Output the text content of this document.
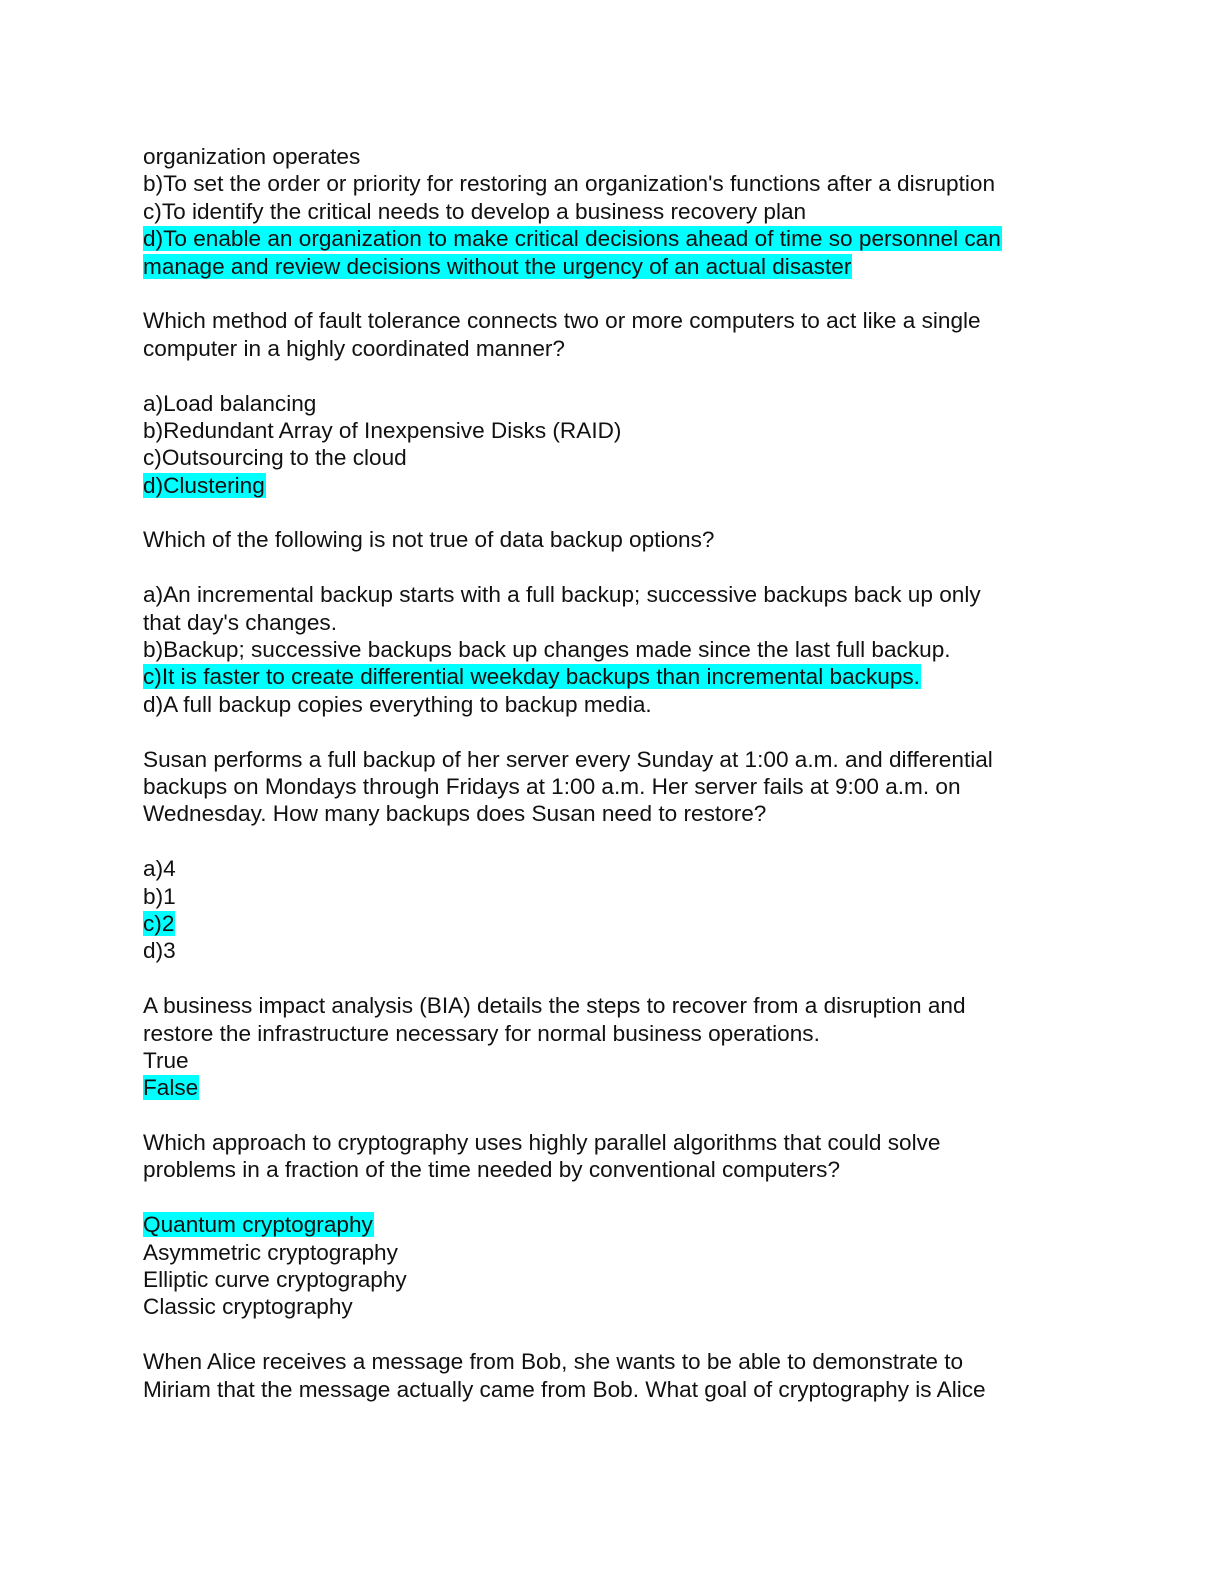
organization operates
b)To set the order or priority for restoring an organization's functions after a disruption
c)To identify the critical needs to develop a business recovery plan
d)To enable an organization to make critical decisions ahead of time so personnel can
manage and review decisions without the urgency of an actual disaster
Which method of fault tolerance connects two or more computers to act like a single
computer in a highly coordinated manner?
a)Load balancing
b)Redundant Array of Inexpensive Disks (RAID)
c)Outsourcing to the cloud
d)Clustering
Which of the following is not true of data backup options?
a)An incremental backup starts with a full backup; successive backups back up only
that day's changes.
b)Backup; successive backups back up changes made since the last full backup.
c)It is faster to create differential weekday backups than incremental backups.
d)A full backup copies everything to backup media.
Susan performs a full backup of her server every Sunday at 1:00 a.m. and differential
backups on Mondays through Fridays at 1:00 a.m. Her server fails at 9:00 a.m. on
Wednesday. How many backups does Susan need to restore?
a)4
b)1
c)2
d)3
A business impact analysis (BIA) details the steps to recover from a disruption and
restore the infrastructure necessary for normal business operations.
True
False
Which approach to cryptography uses highly parallel algorithms that could solve
problems in a fraction of the time needed by conventional computers?
Quantum cryptography
Asymmetric cryptography
Elliptic curve cryptography
Classic cryptography
When Alice receives a message from Bob, she wants to be able to demonstrate to
Miriam that the message actually came from Bob. What goal of cryptography is Alice
